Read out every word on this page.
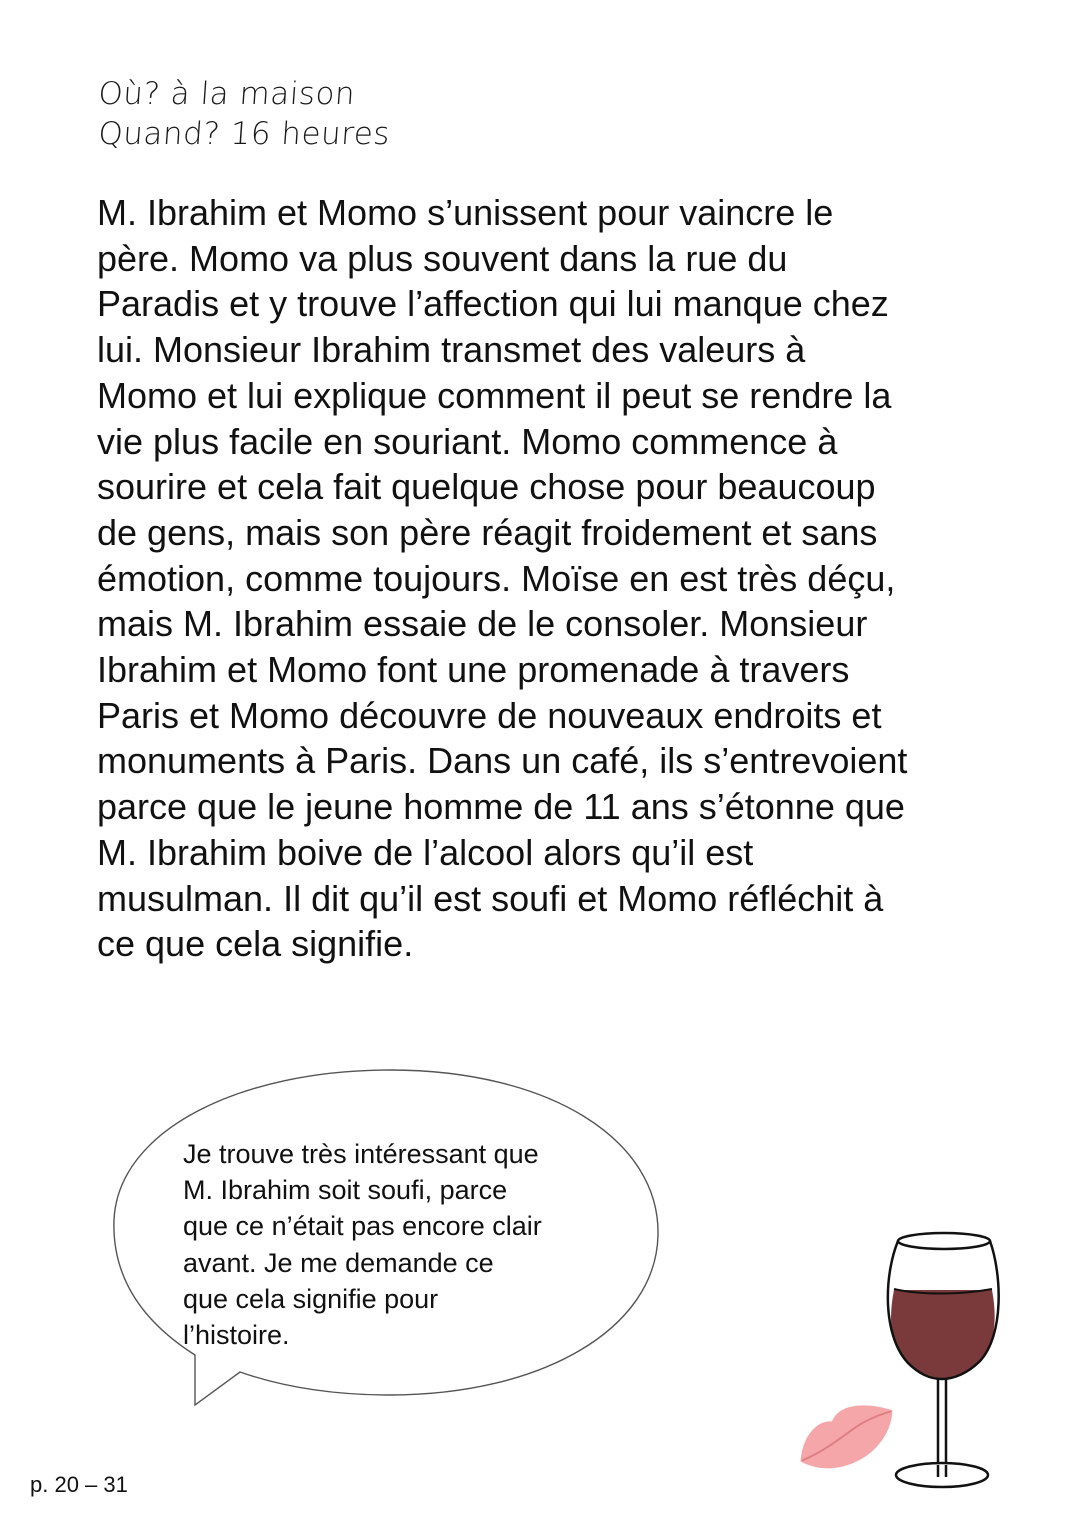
Où? à la maison
Quand? 16 heures
M. Ibrahim et Momo s’unissent pour vaincre le
père. Momo va plus souvent dans la rue du
Paradis et y trouve l’affection qui lui manque chez
lui. Monsieur Ibrahim transmet des valeurs à
Momo et lui explique comment il peut se rendre la
vie plus facile en souriant. Momo commence à
sourire et cela fait quelque chose pour beaucoup
de gens, mais son père réagit froidement et sans
émotion, comme toujours. Moïse en est très déçu,
mais M. Ibrahim essaie de le consoler. Monsieur
Ibrahim et Momo font une promenade à travers
Paris et Momo découvre de nouveaux endroits et
monuments à Paris. Dans un café, ils s’entrevoient
parce que le jeune homme de 11 ans s’étonne que
M. Ibrahim boive de l’alcool alors qu’il est
musulman. Il dit qu’il est soufi et Momo réfléchit à
ce que cela signifie.
Je trouve très intéressant que
M. Ibrahim soit soufi, parce
que ce n’était pas encore clair
avant. Je me demande ce
que cela signifie pour
l’histoire.
p. 20 – 31
